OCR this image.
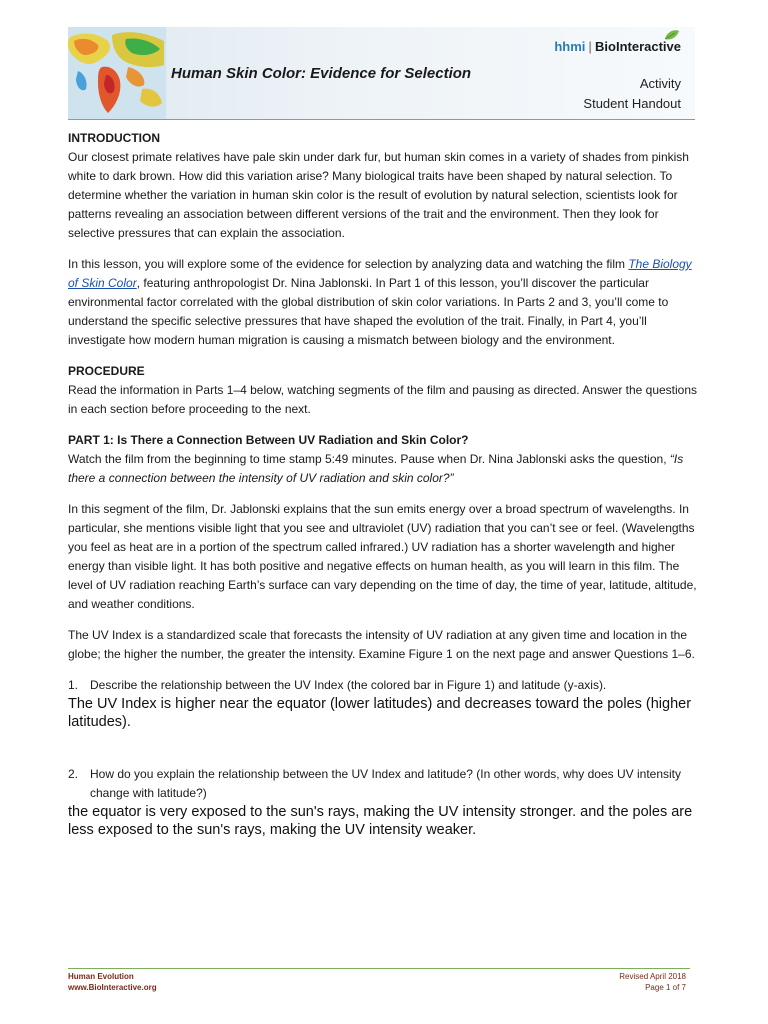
Human Skin Color: Evidence for Selection
hhmi | BioInteractive
Activity
Student Handout

INTRODUCTION

Our closest primate relatives have pale skin under dark fur, but human skin comes in a variety of shades from pinkish white to dark brown. How did this variation arise? Many biological traits have been shaped by natural selection. To determine whether the variation in human skin color is the result of evolution by natural selection, scientists look for patterns revealing an association between different versions of the trait and the environment. Then they look for selective pressures that can explain the association.

In this lesson, you will explore some of the evidence for selection by analyzing data and watching the film The Biology of Skin Color, featuring anthropologist Dr. Nina Jablonski. In Part 1 of this lesson, you’ll discover the particular environmental factor correlated with the global distribution of skin color variations. In Parts 2 and 3, you’ll come to understand the specific selective pressures that have shaped the evolution of the trait. Finally, in Part 4, you’ll investigate how modern human migration is causing a mismatch between biology and the environment.

PROCEDURE

Read the information in Parts 1–4 below, watching segments of the film and pausing as directed. Answer the questions in each section before proceeding to the next.

PART 1: Is There a Connection Between UV Radiation and Skin Color?

Watch the film from the beginning to time stamp 5:49 minutes. Pause when Dr. Nina Jablonski asks the question, “Is there a connection between the intensity of UV radiation and skin color?”

In this segment of the film, Dr. Jablonski explains that the sun emits energy over a broad spectrum of wavelengths. In particular, she mentions visible light that you see and ultraviolet (UV) radiation that you can’t see or feel. (Wavelengths you feel as heat are in a portion of the spectrum called infrared.) UV radiation has a shorter wavelength and higher energy than visible light. It has both positive and negative effects on human health, as you will learn in this film. The level of UV radiation reaching Earth’s surface can vary depending on the time of day, the time of year, latitude, altitude, and weather conditions.

The UV Index is a standardized scale that forecasts the intensity of UV radiation at any given time and location in the globe; the higher the number, the greater the intensity. Examine Figure 1 on the next page and answer Questions 1–6.

1. Describe the relationship between the UV Index (the colored bar in Figure 1) and latitude (y-axis).

The UV Index is higher near the equator (lower latitudes) and decreases toward the poles (higher latitudes).

2. How do you explain the relationship between the UV Index and latitude? (In other words, why does UV intensity change with latitude?)

the equator is very exposed to the sun's rays, making the UV intensity stronger. and the poles are less exposed to the sun's rays, making the UV intensity weaker.

Human Evolution
www.BioInteractive.org
Revised April 2018
Page 1 of 7
